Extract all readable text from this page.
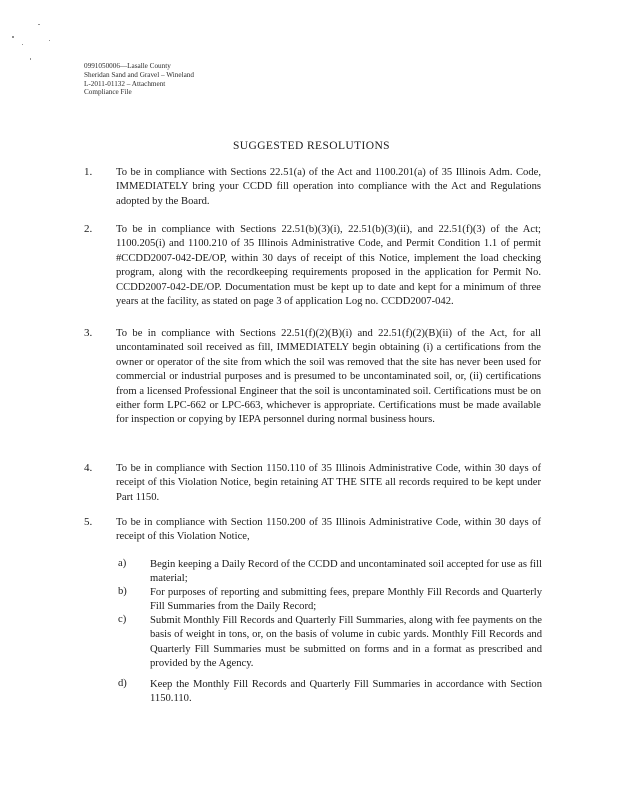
0991050006—Lasalle County
Sheridan Sand and Gravel – Wineland
L-2011-01132 – Attachment
Compliance File
SUGGESTED RESOLUTIONS
1. To be in compliance with Sections 22.51(a) of the Act and 1100.201(a) of 35 Illinois Adm. Code, IMMEDIATELY bring your CCDD fill operation into compliance with the Act and Regulations adopted by the Board.
2. To be in compliance with Sections 22.51(b)(3)(i), 22.51(b)(3)(ii), and 22.51(f)(3) of the Act; 1100.205(i) and 1100.210 of 35 Illinois Administrative Code, and Permit Condition 1.1 of permit #CCDD2007-042-DE/OP, within 30 days of receipt of this Notice, implement the load checking program, along with the recordkeeping requirements proposed in the application for Permit No. CCDD2007-042-DE/OP. Documentation must be kept up to date and kept for a minimum of three years at the facility, as stated on page 3 of application Log no. CCDD2007-042.
3. To be in compliance with Sections 22.51(f)(2)(B)(i) and 22.51(f)(2)(B)(ii) of the Act, for all uncontaminated soil received as fill, IMMEDIATELY begin obtaining (i) a certifications from the owner or operator of the site from which the soil was removed that the site has never been used for commercial or industrial purposes and is presumed to be uncontaminated soil, or, (ii) certifications from a licensed Professional Engineer that the soil is uncontaminated soil. Certifications must be on either form LPC-662 or LPC-663, whichever is appropriate. Certifications must be made available for inspection or copying by IEPA personnel during normal business hours.
4. To be in compliance with Section 1150.110 of 35 Illinois Administrative Code, within 30 days of receipt of this Violation Notice, begin retaining AT THE SITE all records required to be kept under Part 1150.
5. To be in compliance with Section 1150.200 of 35 Illinois Administrative Code, within 30 days of receipt of this Violation Notice,
a) Begin keeping a Daily Record of the CCDD and uncontaminated soil accepted for use as fill material;
b) For purposes of reporting and submitting fees, prepare Monthly Fill Records and Quarterly Fill Summaries from the Daily Record;
c) Submit Monthly Fill Records and Quarterly Fill Summaries, along with fee payments on the basis of weight in tons, or, on the basis of volume in cubic yards. Monthly Fill Records and Quarterly Fill Summaries must be submitted on forms and in a format as prescribed and provided by the Agency.
d) Keep the Monthly Fill Records and Quarterly Fill Summaries in accordance with Section 1150.110.
